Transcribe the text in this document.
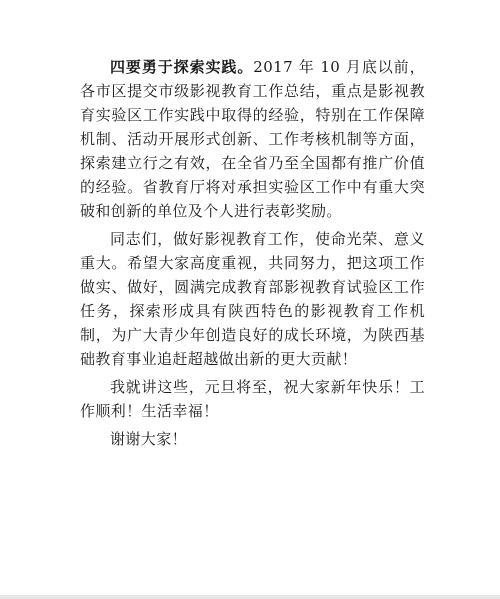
四要勇于探索实践。2017 年 10 月底以前，各市区提交市级影视教育工作总结，重点是影视教育实验区工作实践中取得的经验，特别在工作保障机制、活动开展形式创新、工作考核机制等方面，探索建立行之有效，在全省乃至全国都有推广价值的经验。省教育厅将对承担实验区工作中有重大突破和创新的单位及个人进行表彰奖励。

同志们，做好影视教育工作，使命光荣、意义重大。希望大家高度重视，共同努力，把这项工作做实、做好，圆满完成教育部影视教育试验区工作任务，探索形成具有陕西特色的影视教育工作机制，为广大青少年创造良好的成长环境，为陕西基础教育事业追赶超越做出新的更大贡献！

我就讲这些，元旦将至，祝大家新年快乐！工作顺利！生活幸福！

谢谢大家！
